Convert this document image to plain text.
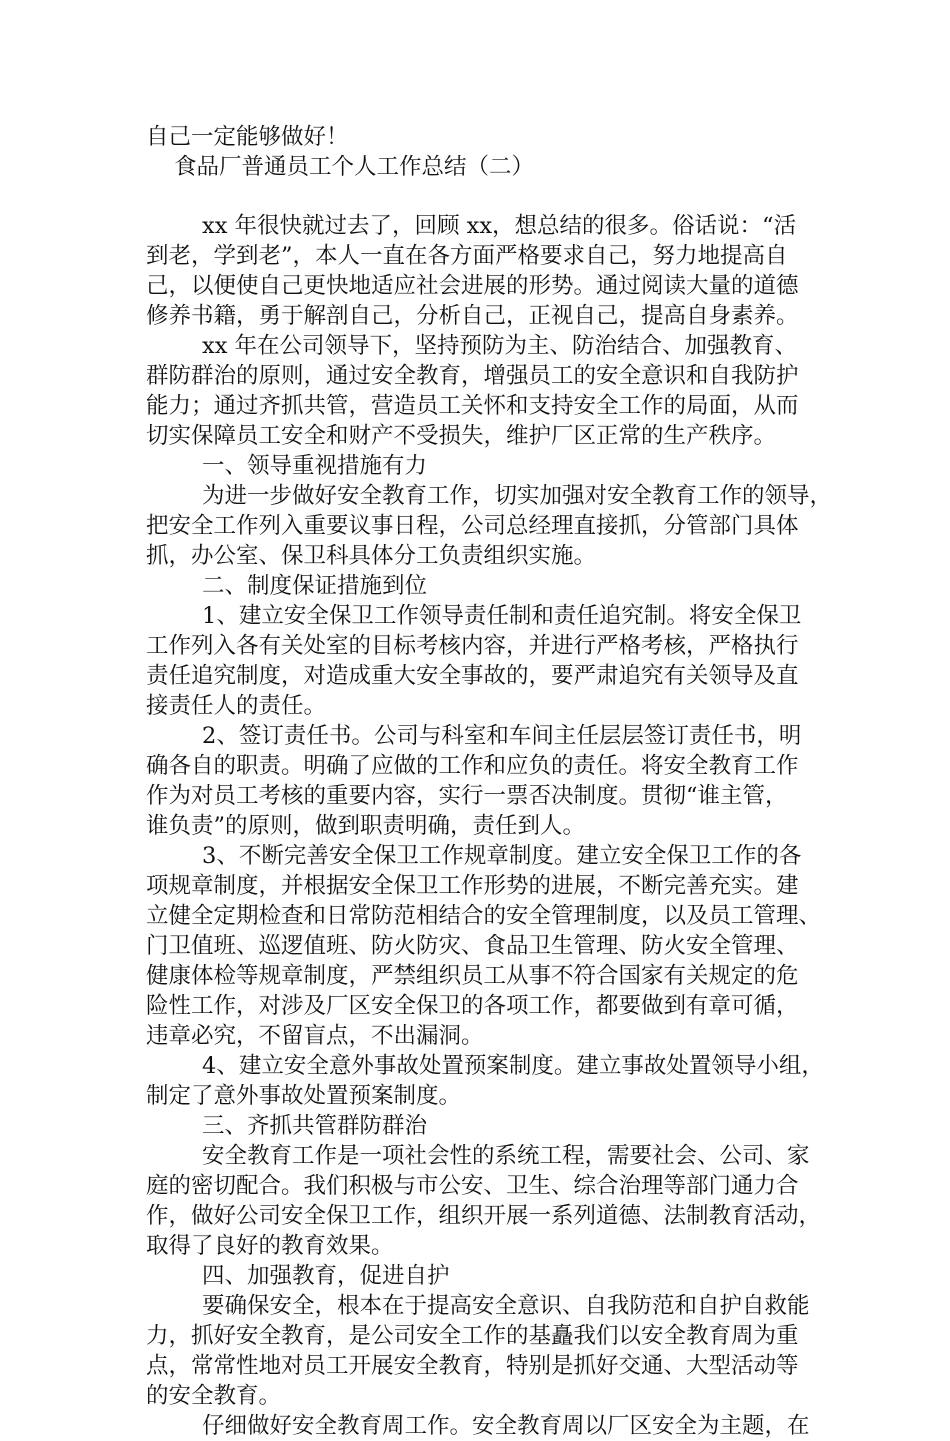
自己一定能够做好！
食品厂普通员工个人工作总结（二）
xx 年很快就过去了，回顾 xx，想总结的很多。俗话说：“活
到老，学到老”，本人一直在各方面严格要求自己，努力地提高自
己，以便使自己更快地适应社会进展的形势。通过阅读大量的道德
修养书籍，勇于解剖自己，分析自己，正视自己，提高自身素养。
xx 年在公司领导下，坚持预防为主、防治结合、加强教育、
群防群治的原则，通过安全教育，增强员工的安全意识和自我防护
能力；通过齐抓共管，营造员工关怀和支持安全工作的局面，从而
切实保障员工安全和财产不受损失，维护厂区正常的生产秩序。
一、领导重视措施有力
为进一步做好安全教育工作，切实加强对安全教育工作的领导，
把安全工作列入重要议事日程，公司总经理直接抓，分管部门具体
抓，办公室、保卫科具体分工负责组织实施。
二、制度保证措施到位
1、建立安全保卫工作领导责任制和责任追究制。将安全保卫
工作列入各有关处室的目标考核内容，并进行严格考核，严格执行
责任追究制度，对造成重大安全事故的，要严肃追究有关领导及直
接责任人的责任。
2、签订责任书。公司与科室和车间主任层层签订责任书，明
确各自的职责。明确了应做的工作和应负的责任。将安全教育工作
作为对员工考核的重要内容，实行一票否决制度。贯彻“谁主管，
谁负责”的原则，做到职责明确，责任到人。
3、不断完善安全保卫工作规章制度。建立安全保卫工作的各
项规章制度，并根据安全保卫工作形势的进展，不断完善充实。建
立健全定期检查和日常防范相结合的安全管理制度，以及员工管理、
门卫值班、巡逻值班、防火防灾、食品卫生管理、防火安全管理、
健康体检等规章制度，严禁组织员工从事不符合国家有关规定的危
险性工作，对涉及厂区安全保卫的各项工作，都要做到有章可循，
违章必究，不留盲点，不出漏洞。
4、建立安全意外事故处置预案制度。建立事故处置领导小组，
制定了意外事故处置预案制度。
三、齐抓共管群防群治
安全教育工作是一项社会性的系统工程，需要社会、公司、家
庭的密切配合。我们积极与市公安、卫生、综合治理等部门通力合
作，做好公司安全保卫工作，组织开展一系列道德、法制教育活动，
取得了良好的教育效果。
四、加强教育，促进自护
要确保安全，根本在于提高安全意识、自我防范和自护自救能
力，抓好安全教育，是公司安全工作的基矗我们以安全教育周为重
点，常常性地对员工开展安全教育，特别是抓好交通、大型活动等
的安全教育。
仔细做好安全教育周工作。安全教育周以厂区安全为主题，在
